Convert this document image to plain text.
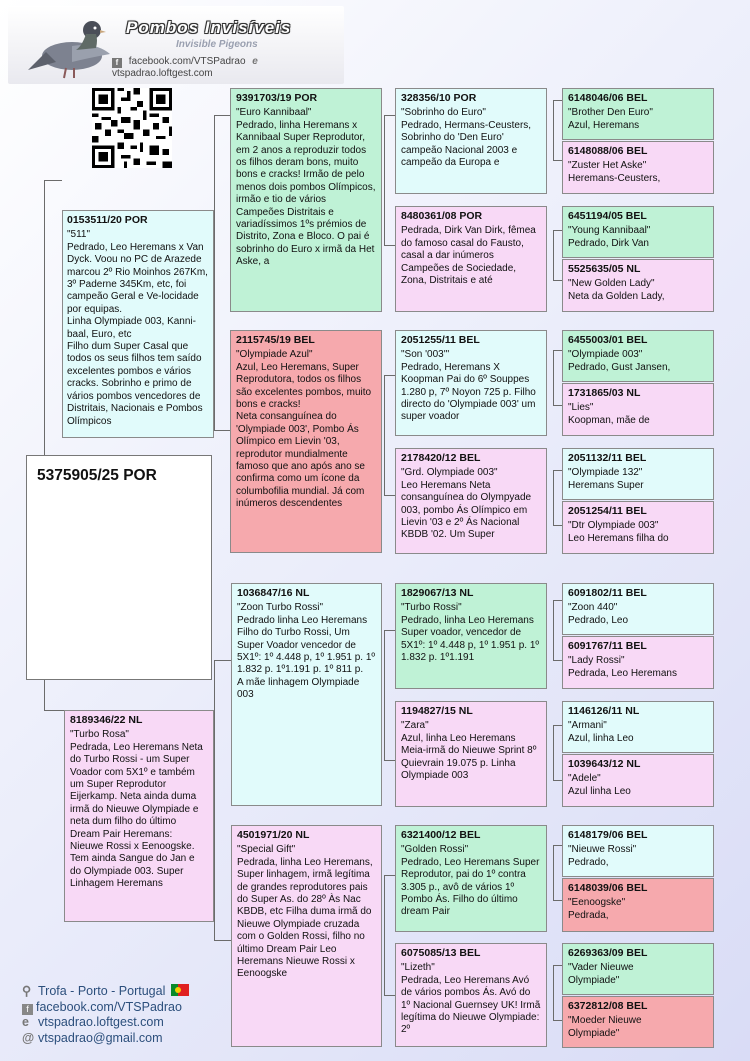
Pombos Invisíveis
Invisible Pigeons
f facebook.com/VTSPadrao e vtspadrao.loftgest.com
5375905/25 POR
0153511/20 POR
"511"
Pedrado, Leo Heremans x Van Dyck. Voou no PC de Arazede marcou 2º Rio Moinhos 267Km, 3º Paderne 345Km, etc, foi campeão Geral e Ve-locidade por equipas.
Linha Olympiade 003, Kanni-baal, Euro, etc
Filho dum Super Casal que todos os seus filhos tem saído excelentes pombos e vários cracks. Sobrinho e primo de vários pombos vencedores de Distritais, Nacionais e Pombos Olímpicos
8189346/22 NL
"Turbo Rosa"
Pedrada, Leo Heremans Neta do Turbo Rossi - um Super Voador com 5X1º e também um Super Reprodutor Eijerkamp. Neta ainda duma irmã do Nieuwe Olympiade e neta dum filho do último Dream Pair Heremans: Nieuwe Rossi x Eenoogske. Tem ainda Sangue do Jan e do Olympiade 003. Super Linhagem Heremans
9391703/19 POR
"Euro Kannibaal"
Pedrado, linha Heremans x Kannibaal Super Reprodutor, em 2 anos a reproduzir todos os filhos deram bons, muito bons e cracks! Irmão de pelo menos dois pombos Olímpicos, irmão e tio de vários Campeões Distritais e variadíssimos 1ºs prémios de Distrito, Zona e Bloco. O pai é sobrinho do Euro x irmã da Het Aske, a
2115745/19 BEL
"Olympiade Azul"
Azul, Leo Heremans, Super Reprodutora, todos os filhos são excelentes pombos, muito bons e cracks!
Neta consanguínea do 'Olympiade 003', Pombo Ás Olímpico em Lievin '03,
reprodutor mundialmente famoso que ano após ano se confirma como um ícone da columbofilia mundial. Já com inúmeros descendentes
1036847/16 NL
"Zoon Turbo Rossi"
Pedrado linha Leo Heremans
Filho do Turbo Rossi, Um Super Voador vencedor de 5X1º: 1º 4.448 p, 1º 1.951 p. 1º 1.832 p. 1º1.191 p. 1º 811 p.
A mãe linhagem Olympiade 003
4501971/20 NL
"Special Gift"
Pedrada, linha Leo Heremans, Super linhagem, irmã legítima de grandes reprodutores pais do Super As. do 28º Às Nac KBDB, etc Filha duma irmã do Nieuwe Olympiade cruzada com o Golden Rossi, filho no último Dream Pair Leo Heremans Nieuwe Rossi x Eenoogske
328356/10 POR
"Sobrinho do Euro"
Pedrado, Hermans-Ceusters, Sobrinho do 'Den Euro' campeão Nacional 2003 e campeão da Europa e
8480361/08 POR
Pedrada, Dirk Van Dirk, fêmea do famoso casal do Fausto, casal a dar inúmeros Campeões de Sociedade, Zona, Distritais e até
2051255/11 BEL
"Son '003'"
Pedrado, Heremans X Koopman Pai do 6º Souppes 1.280 p, 7º Noyon 725 p. Filho directo do 'Olympiade 003' um super voador
2178420/12 BEL
"Grd. Olympiade 003"
Leo Heremans Neta consanguínea do Olympyade 003, pombo Ás Olímpico em Lievin '03 e 2º Ás Nacional KBDB '02. Um Super
1829067/13 NL
"Turbo Rossi"
Pedrado, linha Leo Heremans
Super voador, vencedor de 5X1º: 1º 4.448 p, 1º 1.951 p. 1º 1.832 p. 1º1.191
1194827/15 NL
"Zara"
Azul, linha Leo Heremans
Meia-irmã do Nieuwe Sprint 8º Quievrain 19.075 p. Linha Olympiade 003
6321400/12 BEL
"Golden Rossi"
Pedrado, Leo Heremans Super Reprodutor, pai do 1º contra 3.305 p., avô de vários 1º Pombo Ás. Filho do último dream Pair
6075085/13 BEL
"Lizeth"
Pedrada, Leo Heremans Avó de vários pombos Ás. Avó do 1º Nacional Guernsey UK! Irmã legítima do Nieuwe Olympiade: 2º
6148046/06 BEL
"Brother Den Euro"
Azul, Heremans
6148088/06 BEL
"Zuster Het Aske"
Heremans-Ceusters,
6451194/05 BEL
"Young Kannibaal"
Pedrado, Dirk Van
5525635/05 NL
"New Golden Lady"
Neta da Golden Lady,
6455003/01 BEL
"Olympiade 003"
Pedrado, Gust Jansen,
1731865/03 NL
"Lies"
Koopman, mãe de
2051132/11 BEL
"Olympiade 132"
Heremans Super
2051254/11 BEL
"Dtr Olympiade 003"
Leo Heremans filha do
6091802/11 BEL
"Zoon 440"
Pedrado, Leo
6091767/11 BEL
"Lady Rossi"
Pedrada, Leo Heremans
1146126/11 NL
"Armani"
Azul, linha Leo
1039643/12 NL
"Adele"
Azul linha Leo
6148179/06 BEL
"Nieuwe Rossi"
Pedrado,
6148039/06 BEL
"Eenoogske"
Pedrada,
6269363/09 BEL
"Vader Nieuwe
Olympiade"
6372812/08 BEL
"Moeder Nieuwe
Olympiade"
⚲ Trofa - Porto - Portugal
f facebook.com/VTSPadrao
e vtspadrao.loftgest.com
@ vtspadrao@gmail.com
